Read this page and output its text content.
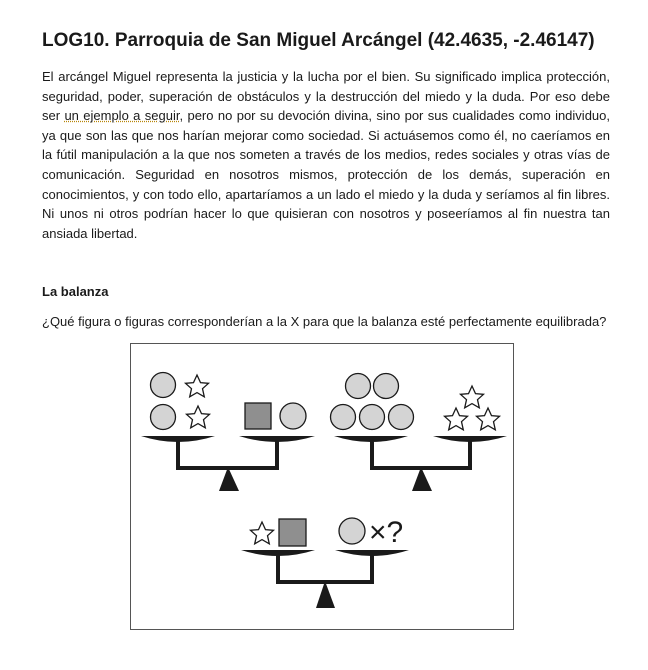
LOG10. Parroquia de San Miguel Arcángel (42.4635, -2.46147)

El arcángel Miguel representa la justicia y la lucha por el bien. Su significado implica protección, seguridad, poder, superación de obstáculos y la destrucción del miedo y la duda. Por eso debe ser un ejemplo a seguir, pero no por su devoción divina, sino por sus cualidades como individuo, ya que son las que nos harían mejorar como sociedad. Si actuásemos como él, no caeríamos en la fútil manipulación a la que nos someten a través de los medios, redes sociales y otras vías de comunicación. Seguridad en nosotros mismos, protección de los demás, superación en conocimientos, y con todo ello, apartaríamos a un lado el miedo y la duda y seríamos al fin libres. Ni unos ni otros podrían hacer lo que quisieran con nosotros y poseeríamos al fin nuestra tan ansiada libertad.

La balanza

¿Qué figura o figuras corresponderían a la X para que la balanza esté perfectamente equilibrada?

×?
